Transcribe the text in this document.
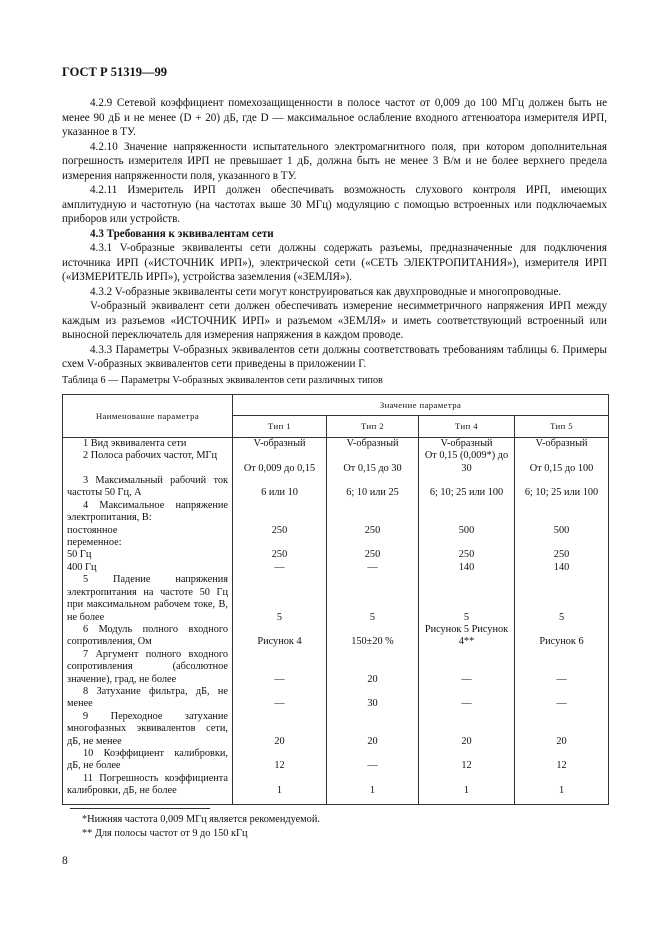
ГОСТ Р 51319—99

4.2.9 Сетевой коэффициент помехозащищенности в полосе частот от 0,009 до 100 МГц должен быть не менее 90 дБ и не менее (D + 20) дБ, где D — максимальное ослабление входного аттенюатора измерителя ИРП, указанное в ТУ.

4.2.10 Значение напряженности испытательного электромагнитного поля, при котором дополнительная погрешность измерителя ИРП не превышает 1 дБ, должна быть не менее 3 В/м и не более верхнего предела измерения напряженности поля, указанного в ТУ.

4.2.11 Измеритель ИРП должен обеспечивать возможность слухового контроля ИРП, имеющих амплитудную и частотную (на частотах выше 30 МГц) модуляцию с помощью встроенных или подключаемых приборов или устройств.

4.3 Требования к эквивалентам сети

4.3.1 V-образные эквиваленты сети должны содержать разъемы, предназначенные для подключения источника ИРП («ИСТОЧНИК ИРП»), электрической сети («СЕТЬ ЭЛЕКТРОПИТАНИЯ»), измерителя ИРП («ИЗМЕРИТЕЛЬ ИРП»), устройства заземления («ЗЕМЛЯ»).

4.3.2 V-образные эквиваленты сети могут конструироваться как двухпроводные и многопроводные.

V-образный эквивалент сети должен обеспечивать измерение несимметричного напряжения ИРП между каждым из разъемов «ИСТОЧНИК ИРП» и разъемом «ЗЕМЛЯ» и иметь соответствующий встроенный или выносной переключатель для измерения напряжения в каждом проводе.

4.3.3 Параметры V-образных эквивалентов сети должны соответствовать требованиям таблицы 6. Примеры схем V-образных эквивалентов сети приведены в приложении Г.

Таблица 6 — Параметры V-образных эквивалентов сети различных типов
Наименование параметра	Значение параметра			
	Тип 1	Тип 2	Тип 4	Тип 5
1 Вид эквивалента сети	V-образный	V-образный	V-образный	V-образный
2 Полоса рабочих частот, МГц	От 0,009 до 0,15	От 0,15 до 30	От 0,15 (0,009*) до 30	От 0,15 до 100
3 Максимальный рабочий ток частоты 50 Гц, А	6 или 10	6; 10 или 25	6; 10; 25 или 100	6; 10; 25 или 100
4 Максимальное напряжение электропитания, В:				
постоянное	250	250	500	500
переменное:				
50 Гц	250	250	250	250
400 Гц	—	—	140	140
5 Падение напряжения электропитания на частоте 50 Гц при максимальном рабочем токе, В, не более	5	5	5	5
6 Модуль полного входного сопротивления, Ом	Рисунок 4	150±20 %	Рисунок 5 Рисунок 4**	Рисунок 6
7 Аргумент полного входного сопротивления (абсолютное значение), град, не более	—	20	—	—
8 Затухание фильтра, дБ, не менее	—	30	—	—
9 Переходное затухание многофазных эквивалентов сети, дБ, не менее	20	20	20	20
10 Коэффициент калибровки, дБ, не более	12	—	12	12
11 Погрешность коэффициента калибровки, дБ, не более	1	1	1	1
*Нижняя частота 0,009 МГц является рекомендуемой.
** Для полосы частот от 9 до 150 кГц
8
